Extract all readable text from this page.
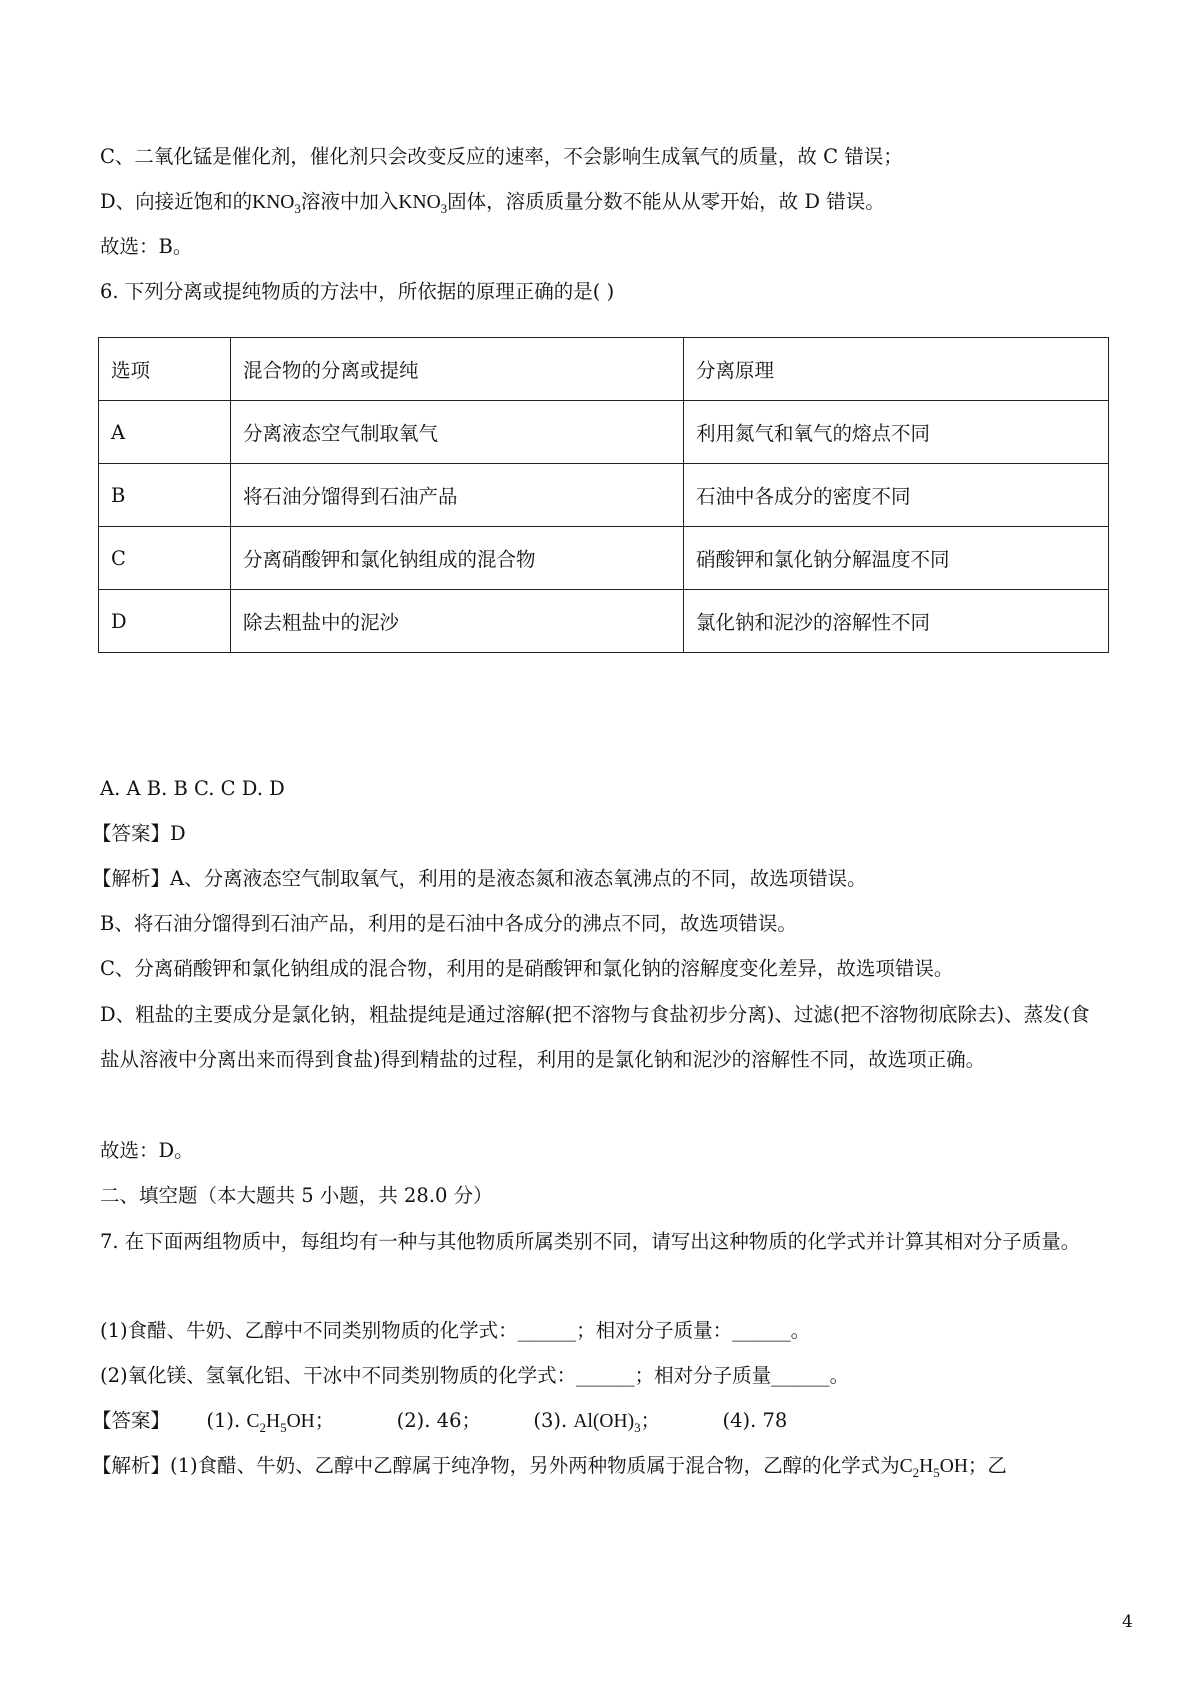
C、二氧化锰是催化剂，催化剂只会改变反应的速率，不会影响生成氧气的质量，故 C 错误；
D、向接近饱和的$KNO_3$溶液中加入$KNO_3$固体，溶质质量分数不能从从零开始，故 D 错误。
故选：B。
6. 下列分离或提纯物质的方法中，所依据的原理正确的是( )
选项	混合物的分离或提纯	分离原理
A	分离液态空气制取氧气	利用氮气和氧气的熔点不同
B	将石油分馏得到石油产品	石油中各成分的密度不同
C	分离硝酸钾和氯化钠组成的混合物	硝酸钾和氯化钠分解温度不同
D	除去粗盐中的泥沙	氯化钠和泥沙的溶解性不同
A. A B. B C. C D. D
【答案】D
【解析】A、分离液态空气制取氧气，利用的是液态氮和液态氧沸点的不同，故选项错误。
B、将石油分馏得到石油产品，利用的是石油中各成分的沸点不同，故选项错误。
C、分离硝酸钾和氯化钠组成的混合物，利用的是硝酸钾和氯化钠的溶解度变化差异，故选项错误。
D、粗盐的主要成分是氯化钠，粗盐提纯是通过溶解(把不溶物与食盐初步分离)、过滤(把不溶物彻底除去)、蒸发(食盐从溶液中分离出来而得到食盐)得到精盐的过程，利用的是氯化钠和泥沙的溶解性不同，故选项正确。
故选：D。
二、填空题（本大题共 5 小题，共 28.0 分）
7. 在下面两组物质中，每组均有一种与其他物质所属类别不同，请写出这种物质的化学式并计算其相对分子质量。
(1)食醋、牛奶、乙醇中不同类别物质的化学式：______；相对分子质量：______。
(2)氧化镁、氢氧化铝、干冰中不同类别物质的化学式：______；相对分子质量______。
【答案】 (1). $C_2H_5OH$；	(2). 46；	(3). $Al(OH)_3$；	(4). 78
【解析】(1)食醋、牛奶、乙醇中乙醇属于纯净物，另外两种物质属于混合物，乙醇的化学式为$C_2H_5OH$；乙
4
